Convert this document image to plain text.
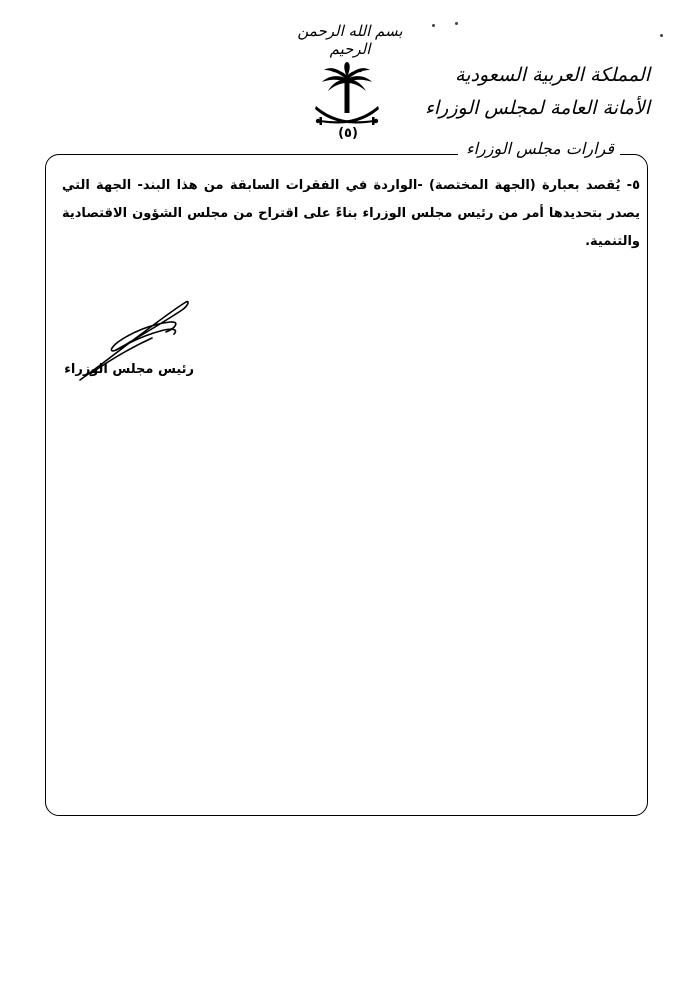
بسم الله الرحمن الرحيم
(٥)
المملكة العربية السعودية
الأمانة العامة لمجلس الوزراء
قرارات مجلس الوزراء
٥- يُقصد بعبارة (الجهة المختصة) -الواردة في الفقرات السابقة من هذا البند- الجهة التي يصدر بتحديدها أمر من رئيس مجلس الوزراء بناءً على اقتراح من مجلس الشؤون الاقتصادية والتنمية.
رئيس مجلس الوزراء
